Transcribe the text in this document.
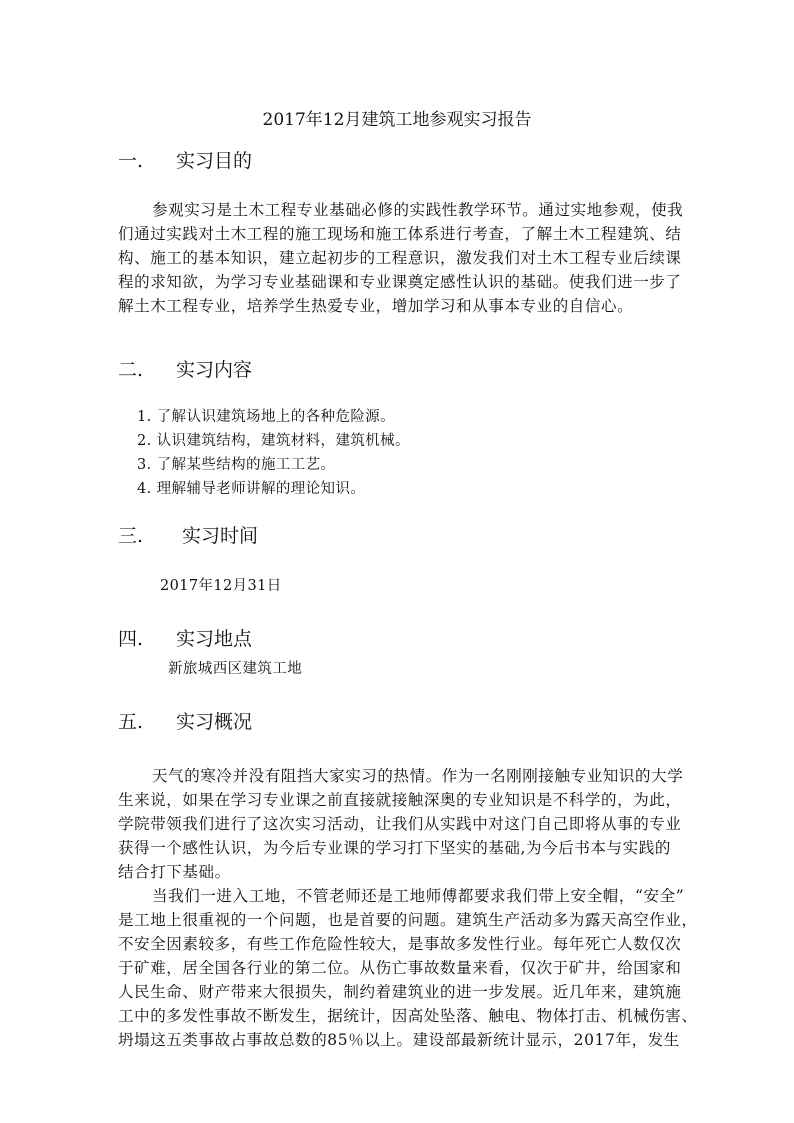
2017年12月建筑工地参观实习报告
一. 实习目的
参观实习是土木工程专业基础必修的实践性教学环节。通过实地参观，使我
们通过实践对土木工程的施工现场和施工体系进行考查，了解土木工程建筑、结
构、施工的基本知识，建立起初步的工程意识，激发我们对土木工程专业后续课
程的求知欲，为学习专业基础课和专业课奠定感性认识的基础。使我们进一步了
解土木工程专业，培养学生热爱专业，增加学习和从事本专业的自信心。
二. 实习内容
1. 了解认识建筑场地上的各种危险源。
2. 认识建筑结构，建筑材料，建筑机械。
3. 了解某些结构的施工工艺。
4. 理解辅导老师讲解的理论知识。
三. 实习时间
2017年12月31日
四. 实习地点
新旅城西区建筑工地
五. 实习概况
天气的寒冷并没有阻挡大家实习的热情。作为一名刚刚接触专业知识的大学
生来说，如果在学习专业课之前直接就接触深奥的专业知识是不科学的，为此，
学院带领我们进行了这次实习活动，让我们从实践中对这门自己即将从事的专业
获得一个感性认识，为今后专业课的学习打下坚实的基础,为今后书本与实践的
结合打下基础。
当我们一进入工地，不管老师还是工地师傅都要求我们带上安全帽，“安全”
是工地上很重视的一个问题，也是首要的问题。建筑生产活动多为露天高空作业，
不安全因素较多，有些工作危险性较大，是事故多发性行业。每年死亡人数仅次
于矿难，居全国各行业的第二位。从伤亡事故数量来看，仅次于矿井，给国家和
人民生命、财产带来大很损失，制约着建筑业的进一步发展。近几年来，建筑施
工中的多发性事故不断发生，据统计，因高处坠落、触电、物体打击、机械伤害、
坍塌这五类事故占事故总数的85％以上。建设部最新统计显示，2017年，发生
